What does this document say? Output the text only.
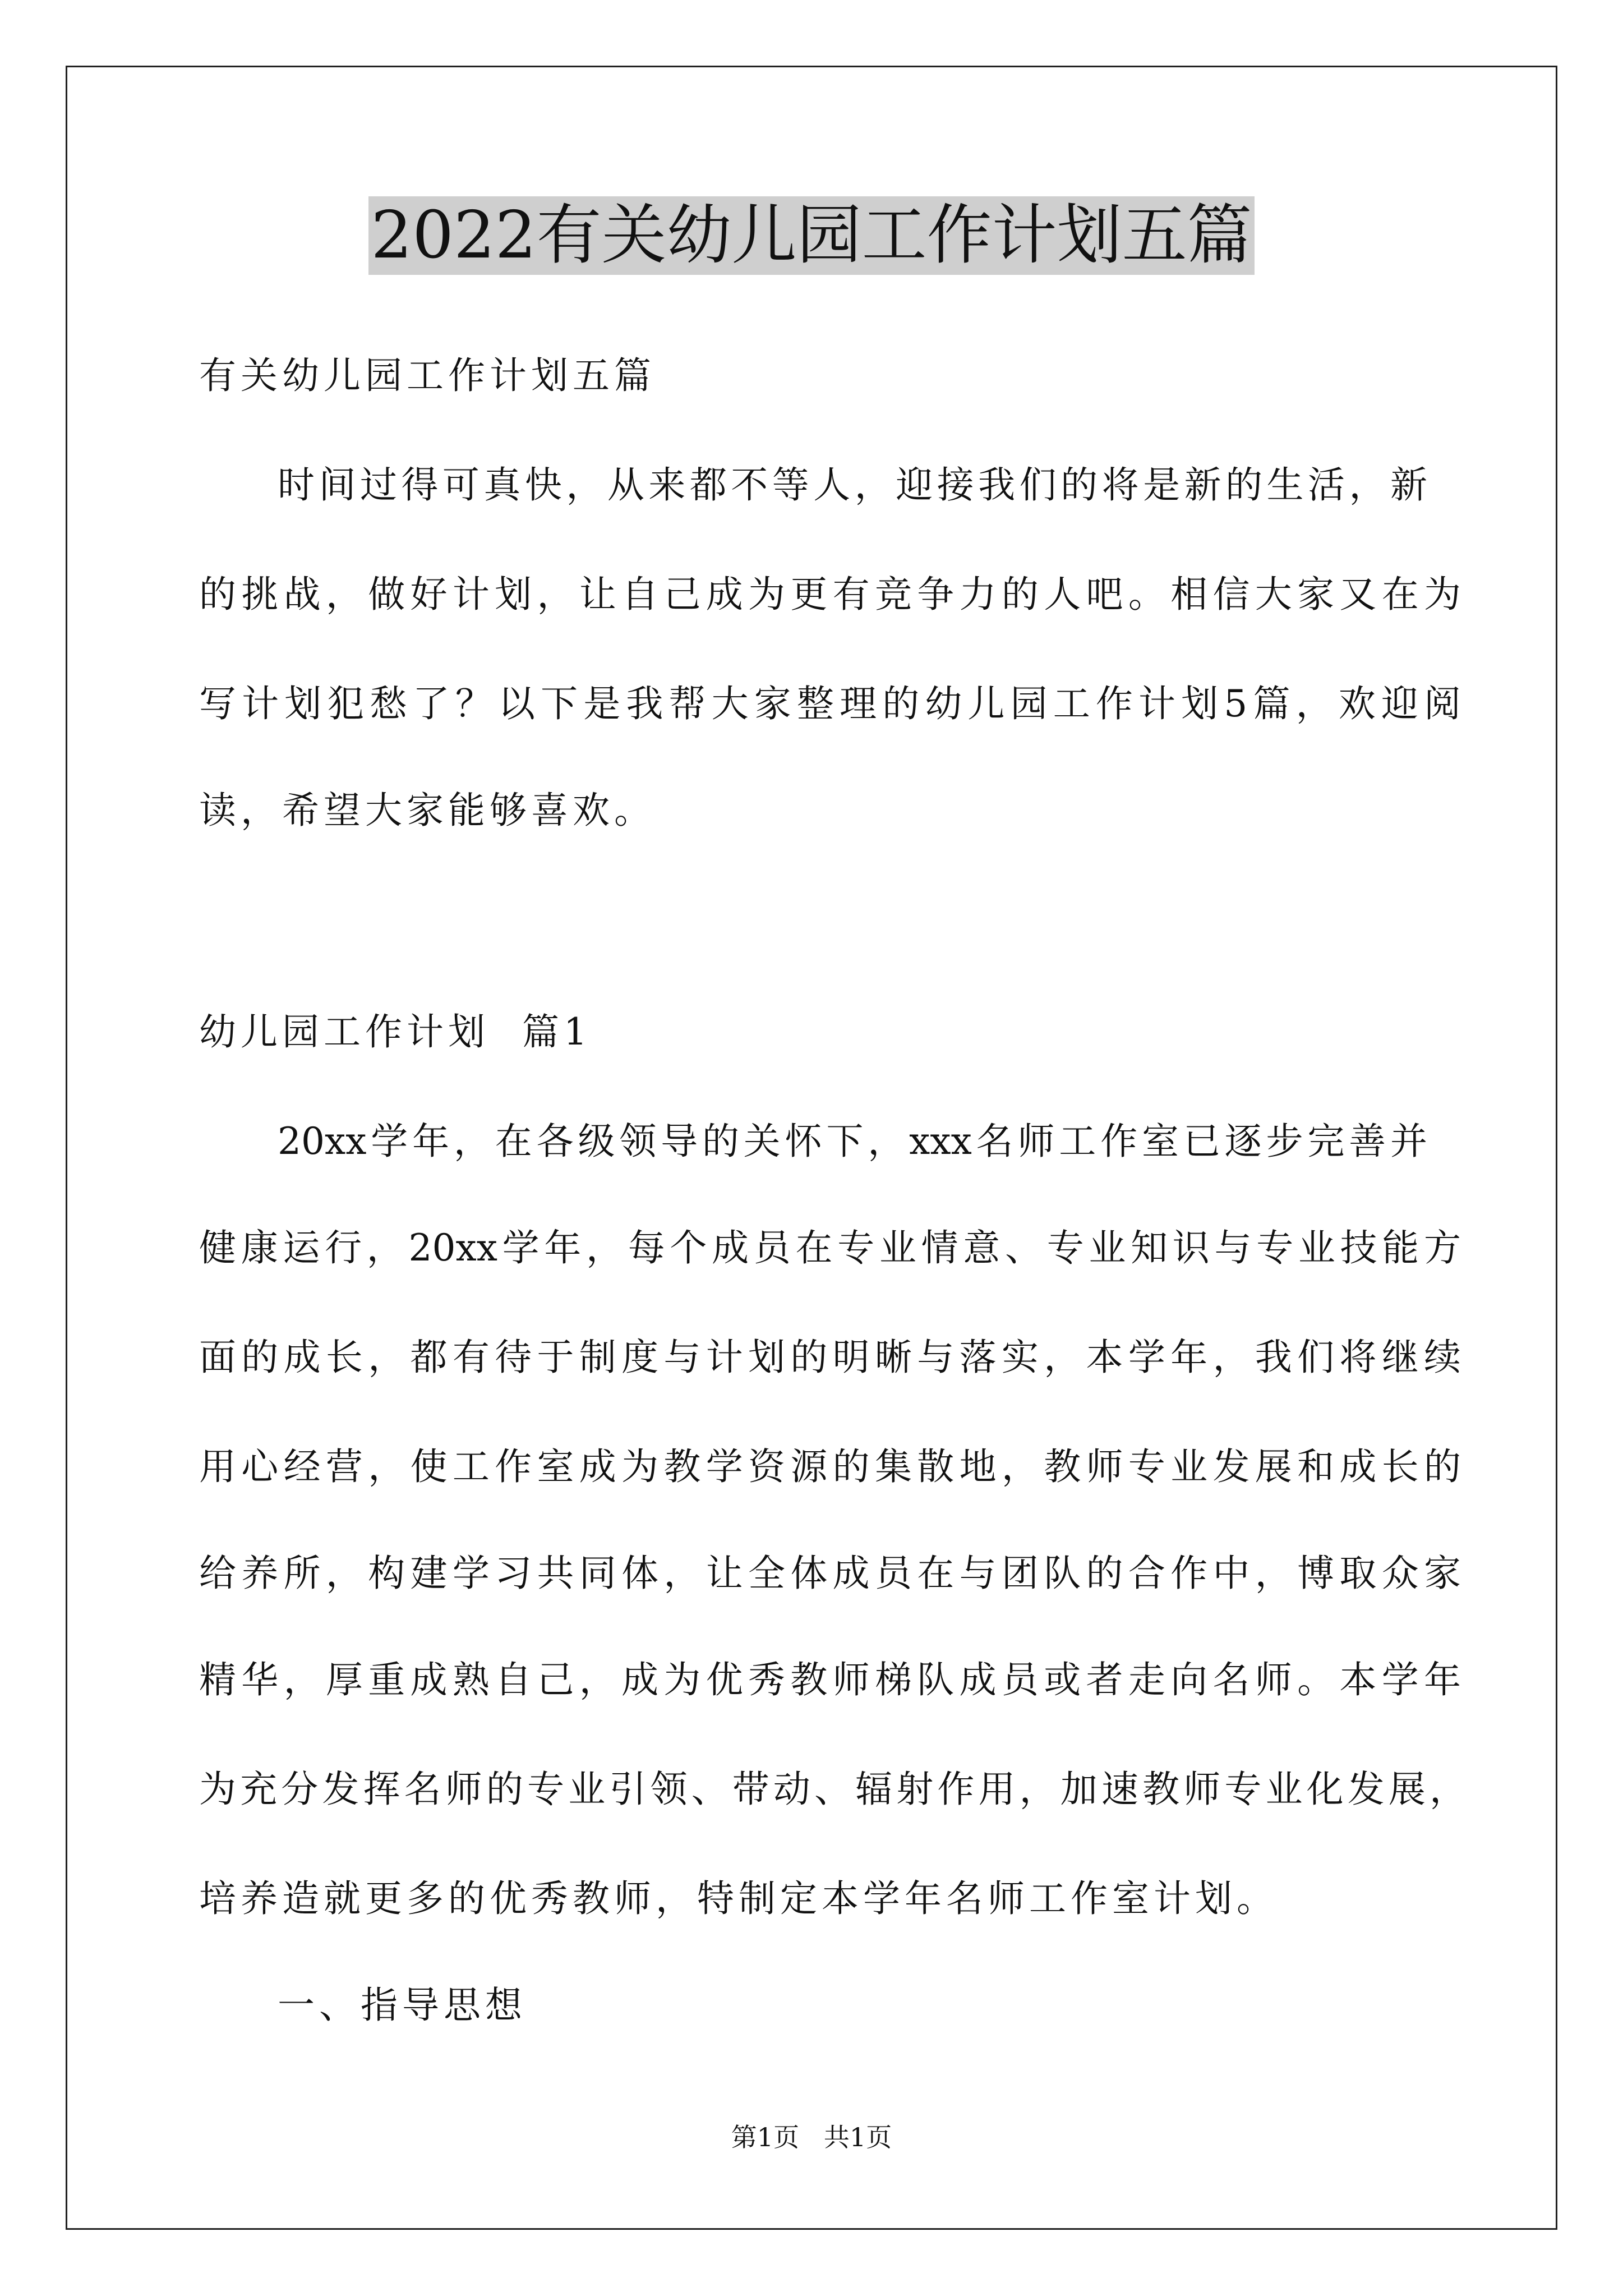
2022有关幼儿园工作计划五篇
有关幼儿园工作计划五篇
时间过得可真快，从来都不等人，迎接我们的将是新的生活，新
的挑战，做好计划，让自己成为更有竞争力的人吧。相信大家又在为
写计划犯愁了？以下是我帮大家整理的幼儿园工作计划5篇，欢迎阅
读，希望大家能够喜欢。
幼儿园工作计划  篇1
20xx学年，在各级领导的关怀下，xxx名师工作室已逐步完善并
健康运行，20xx学年，每个成员在专业情意、专业知识与专业技能方
面的成长，都有待于制度与计划的明晰与落实，本学年，我们将继续
用心经营，使工作室成为教学资源的集散地，教师专业发展和成长的
给养所，构建学习共同体，让全体成员在与团队的合作中，博取众家
精华，厚重成熟自己，成为优秀教师梯队成员或者走向名师。本学年
为充分发挥名师的专业引领、带动、辐射作用，加速教师专业化发展，
培养造就更多的优秀教师，特制定本学年名师工作室计划。
一、指导思想
第1页   共1页
